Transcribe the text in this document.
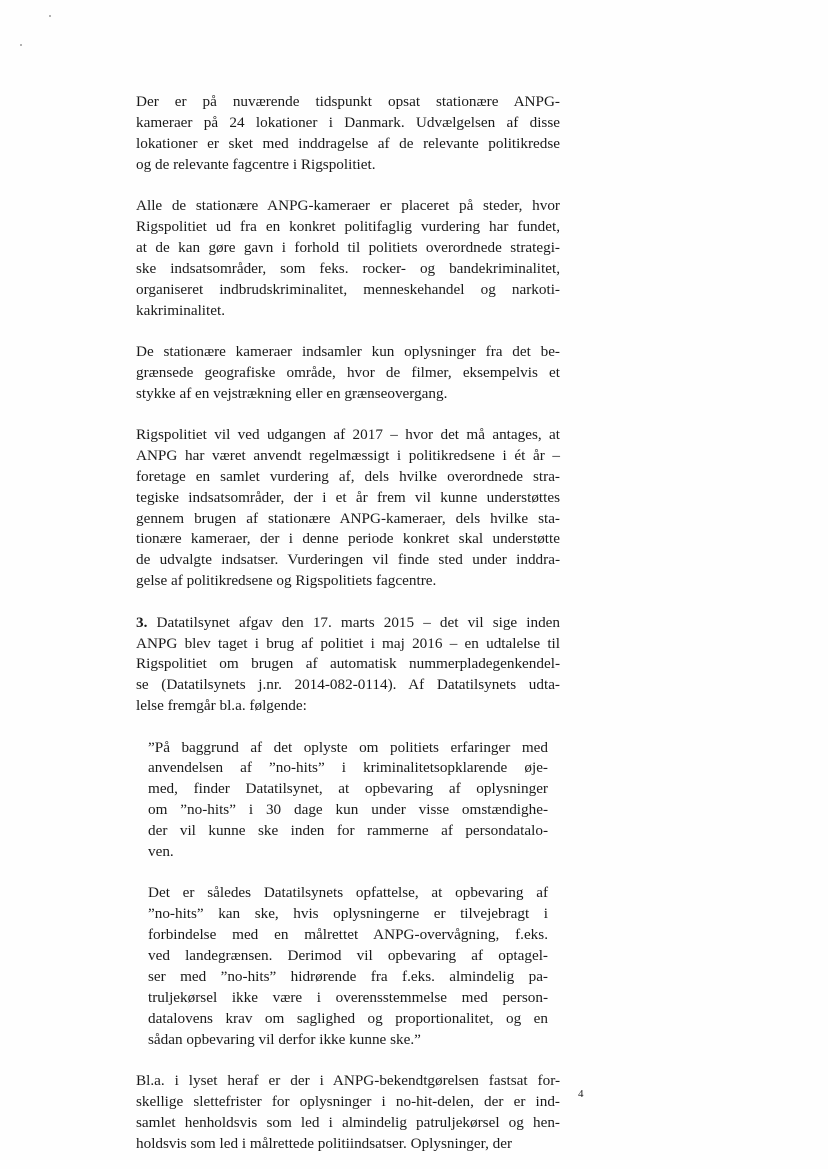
Der er på nuværende tidspunkt opsat stationære ANPG-
kameraer på 24 lokationer i Danmark. Udvælgelsen af disse
lokationer er sket med inddragelse af de relevante politikredse
og de relevante fagcentre i Rigspolitiet.

Alle de stationære ANPG-kameraer er placeret på steder, hvor
Rigspolitiet ud fra en konkret politifaglig vurdering har fundet,
at de kan gøre gavn i forhold til politiets overordnede strategi-
ske indsatsområder, som feks. rocker- og bandekriminalitet,
organiseret indbrudskriminalitet, menneskehandel og narkoti-
kakriminalitet.

De stationære kameraer indsamler kun oplysninger fra det be-
grænsede geografiske område, hvor de filmer, eksempelvis et
stykke af en vejstrækning eller en grænseovergang.

Rigspolitiet vil ved udgangen af 2017 – hvor det må antages, at
ANPG har været anvendt regelmæssigt i politikredsene i ét år –
foretage en samlet vurdering af, dels hvilke overordnede stra-
tegiske indsatsområder, der i et år frem vil kunne understøttes
gennem brugen af stationære ANPG-kameraer, dels hvilke sta-
tionære kameraer, der i denne periode konkret skal understøtte
de udvalgte indsatser. Vurderingen vil finde sted under inddra-
gelse af politikredsene og Rigspolitiets fagcentre.

3. Datatilsynet afgav den 17. marts 2015 – det vil sige inden
ANPG blev taget i brug af politiet i maj 2016 – en udtalelse til
Rigspolitiet om brugen af automatisk nummerpladegenkendel-
se (Datatilsynets j.nr. 2014-082-0114). Af Datatilsynets udta-
lelse fremgår bl.a. følgende:

”På baggrund af det oplyste om politiets erfaringer med
anvendelsen af ”no-hits” i kriminalitetsopklarende øje-
med, finder Datatilsynet, at opbevaring af oplysninger
om ”no-hits” i 30 dage kun under visse omstændighe-
der vil kunne ske inden for rammerne af persondatalo-
ven.

Det er således Datatilsynets opfattelse, at opbevaring af
”no-hits” kan ske, hvis oplysningerne er tilvejebragt i
forbindelse med en målrettet ANPG-overvågning, f.eks.
ved landegrænsen. Derimod vil opbevaring af optagel-
ser med ”no-hits” hidrørende fra f.eks. almindelig pa-
truljekørsel ikke være i overensstemmelse med person-
datalovens krav om saglighed og proportionalitet, og en
sådan opbevaring vil derfor ikke kunne ske.”

Bl.a. i lyset heraf er der i ANPG-bekendtgørelsen fastsat for-
skellige slettefrister for oplysninger i no-hit-delen, der er ind-
samlet henholdsvis som led i almindelig patruljekørsel og hen-
holdsvis som led i målrettede politiindsatser. Oplysninger, der

4
